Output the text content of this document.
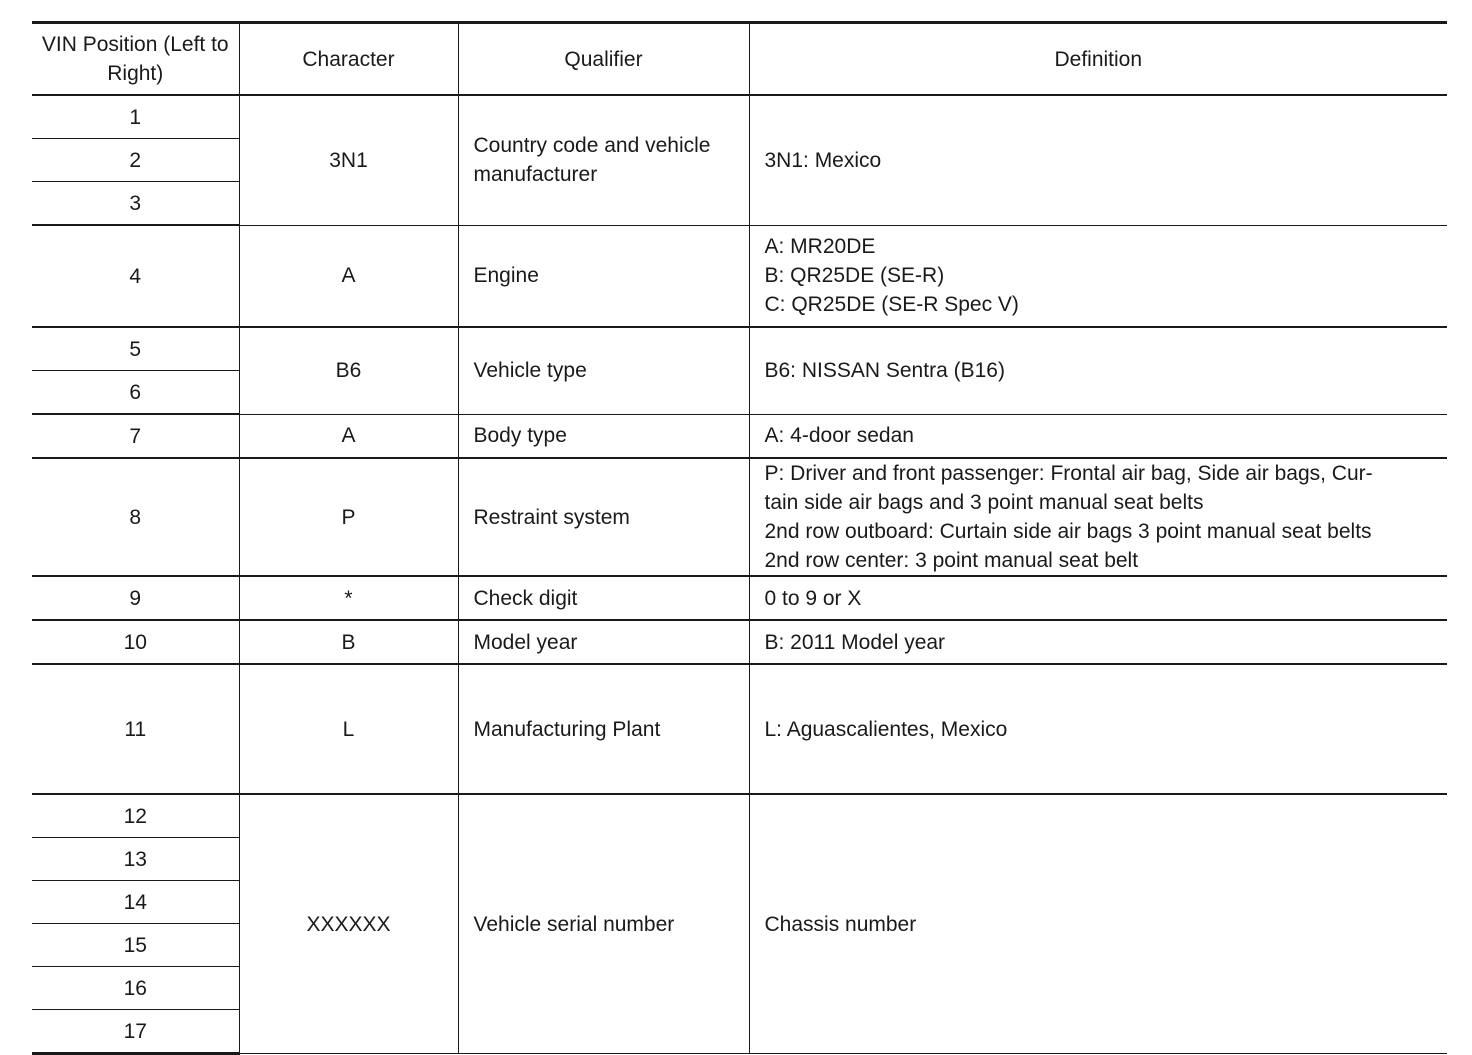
VIN Position (Left to Right)	Character	Qualifier	Definition
1	3N1	Country code and vehicle manufacturer	3N1: Mexico

2			
3			
4	A	Engine	A: MR20DE
B: QR25DE (SE-R)
C: QR25DE (SE-R Spec V)

5	B6	Vehicle type	B6: NISSAN Sentra (B16)

6			
7	A	Body type	A: 4-door sedan

8	P	Restraint system	P: Driver and front passenger: Frontal air bag, Side air bags, Cur-
tain side air bags and 3 point manual seat belts
2nd row outboard: Curtain side air bags 3 point manual seat belts
2nd row center: 3 point manual seat belt

9	*	Check digit	0 to 9 or X

10	B	Model year	B: 2011 Model year

11	L	Manufacturing Plant	L: Aguascalientes, Mexico

12	XXXXXX	Vehicle serial number	Chassis number

13			
14			
15			
16			
17			
